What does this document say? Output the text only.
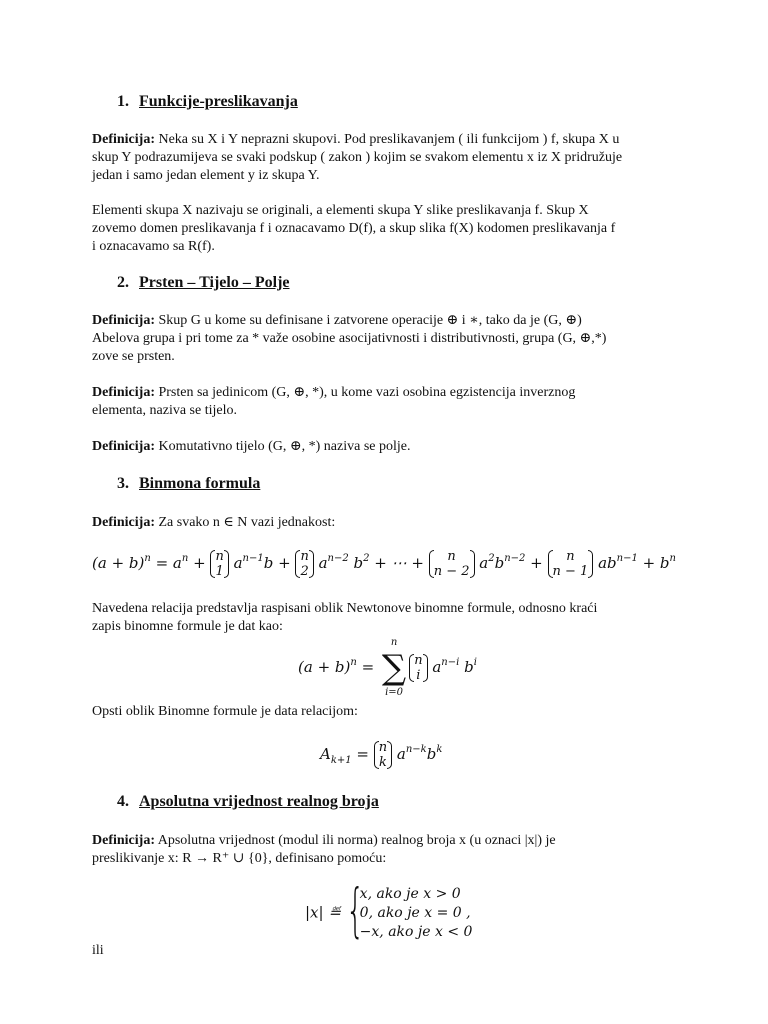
1. Funkcije-preslikavanja
Definicija: Neka su X i Y neprazni skupovi. Pod preslikavanjem ( ili funkcijom ) f, skupa X u
skup Y podrazumijeva se svaki podskup ( zakon ) kojim se svakom elementu x iz X pridružuje
jedan i samo jedan element y iz skupa Y.
Elementi skupa X nazivaju se originali, a elementi skupa Y slike preslikavanja f. Skup X
zovemo domen preslikavanja f i oznacavamo D(f), a skup slika f(X) kodomen preslikavanja f
i oznacavamo sa R(f).
2. Prsten – Tijelo – Polje
Definicija: Skup G u kome su definisane i zatvorene operacije ⊕ i ∗, tako da je (G, ⊕)
Abelova grupa i pri tome za * važe osobine asocijativnosti i distributivnosti, grupa (G, ⊕,*)
zove se prsten.
Definicija: Prsten sa jedinicom (G, ⊕, *), u kome vazi osobina egzistencija inverznog
elementa, naziva se tijelo.
Definicija: Komutativno tijelo (G, ⊕, *) naziva se polje.
3. Binmona formula
Definicija: Za svako n ∈ N vazi jednakost:
$(a + b)^n = a^n + n$
1 $a^{n-1}b + n$
2 $a^{n-2}$ $b^2$ + ⋯ +	n
n − 2 $a^2b^{n-2}$ +	n
n − 1 $ab^{n-1} + b^n$
Navedena relacija predstavlja raspisani oblik Newtonove binomne formule, odnosno kraći
zapis binomne formule je dat kao:
$(a + b)^n$ =
n
∑
i=0
n
i $a^{n-i}$ $b^i$
Opsti oblik Binomne formule je data relacijom:
$A_{k+1} = n$
k $a^{n-k}b^k$
4. Apsolutna vrijednost realnog broja
Definicija: Apsolutna vrijednost (modul ili norma) realnog broja x (u oznaci |x|) je
preslikivanje x: R → R⁺ ∪ {0}, definisano pomoću:
|x| ≝ {
x, ako je x > 0
0, ako je x = 0 ,
−x, ako je x < 0
ili
